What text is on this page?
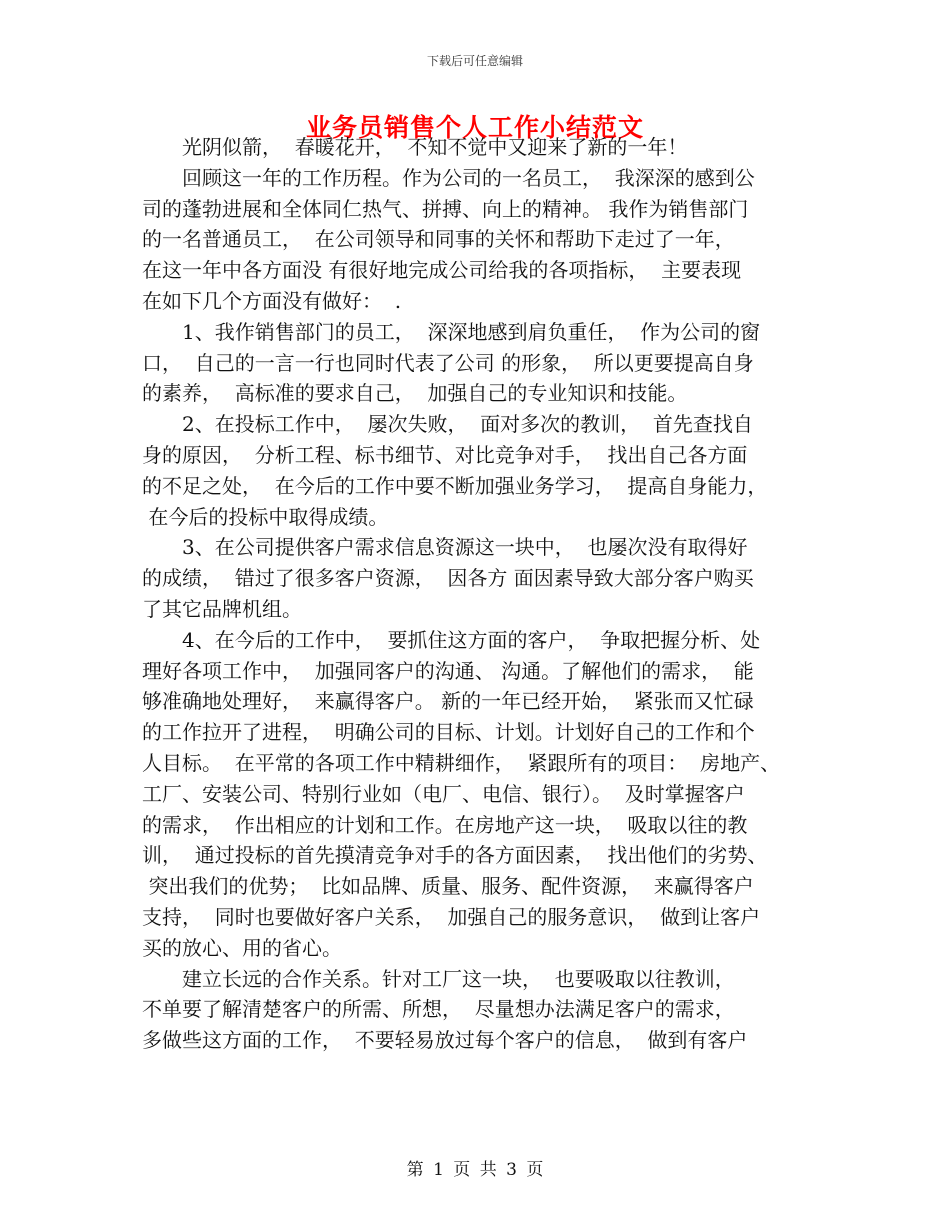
下载后可任意编辑
业务员销售个人工作小结范文
　　光阴似箭，  春暖花开，  不知不觉中又迎来了新的一年！
　　回顾这一年的工作历程。作为公司的一名员工，  我深深的感到公
司的蓬勃进展和全体同仁热气、拼搏、向上的精神。 我作为销售部门
的一名普通员工，  在公司领导和同事的关怀和帮助下走过了一年，
在这一年中各方面没 有很好地完成公司给我的各项指标，  主要表现
在如下几个方面没有做好：  .
　　1、我作销售部门的员工，  深深地感到肩负重任，  作为公司的窗
口，  自己的一言一行也同时代表了公司 的形象，  所以更要提高自身
的素养，  高标准的要求自己，  加强自己的专业知识和技能。
　　2、在投标工作中，  屡次失败，  面对多次的教训，  首先查找自
身的原因，  分析工程、标书细节、对比竞争对手，  找出自己各方面
的不足之处，  在今后的工作中要不断加强业务学习，  提高自身能力，
在今后的投标中取得成绩。
　　3、在公司提供客户需求信息资源这一块中，  也屡次没有取得好
的成绩，  错过了很多客户资源，  因各方 面因素导致大部分客户购买
了其它品牌机组。
　　4、在今后的工作中，  要抓住这方面的客户，  争取把握分析、处
理好各项工作中，  加强同客户的沟通、 沟通。了解他们的需求，  能
够准确地处理好，  来赢得客户。 新的一年已经开始，  紧张而又忙碌
的工作拉开了进程，  明确公司的目标、计划。计划好自己的工作和个
人目标。  在平常的各项工作中精耕细作，  紧跟所有的项目：  房地产、
工厂、安装公司、特别行业如（电厂、电信、银行）。  及时掌握客户
的需求，  作出相应的计划和工作。在房地产这一块，  吸取以往的教
训，  通过投标的首先摸清竞争对手的各方面因素，  找出他们的劣势、
突出我们的优势；  比如品牌、质量、服务、配件资源，  来赢得客户
支持，  同时也要做好客户关系，  加强自己的服务意识，  做到让客户
买的放心、用的省心。
　　建立长远的合作关系。针对工厂这一块，  也要吸取以往教训，
不单要了解清楚客户的所需、所想，  尽量想办法满足客户的需求，
多做些这方面的工作，  不要轻易放过每个客户的信息，  做到有客户
第 1 页 共 3 页
